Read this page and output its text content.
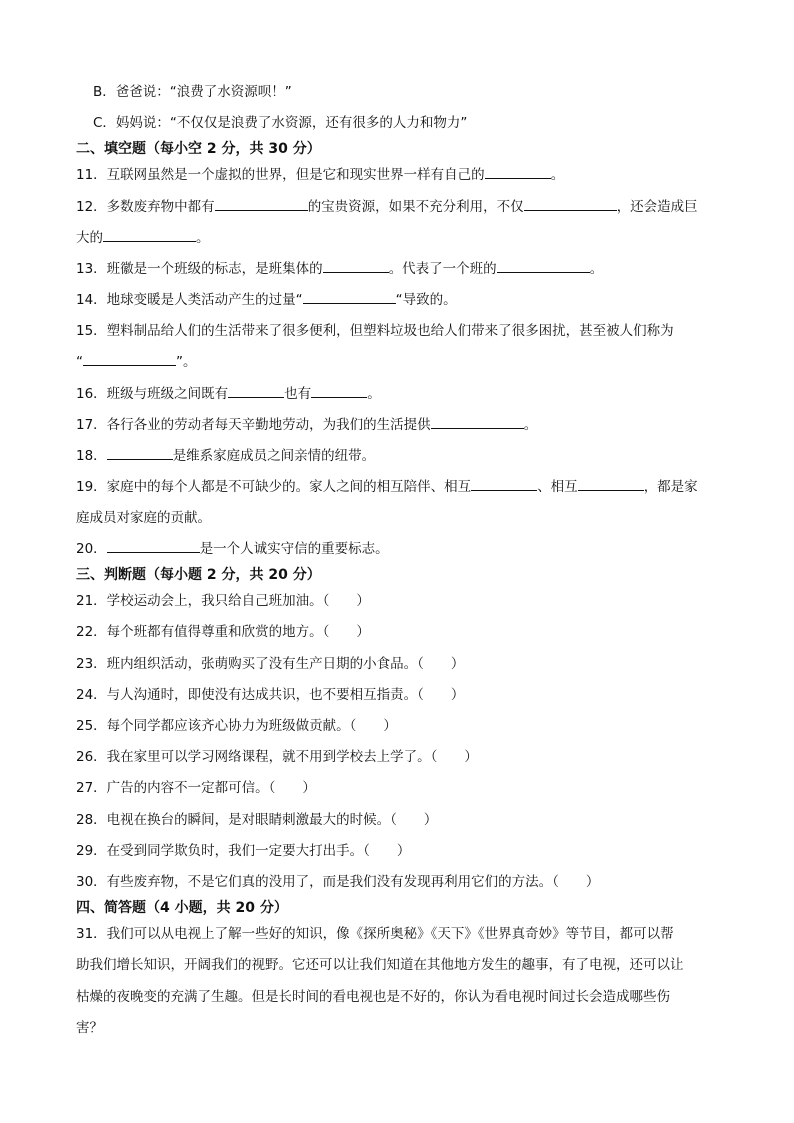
B．爸爸说：“浪费了水资源呗！”
C．妈妈说：“不仅仅是浪费了水资源，还有很多的人力和物力”
二、填空题（每小空 2 分，共 30 分）
11．互联网虽然是一个虚拟的世界，但是它和现实世界一样有自己的	。
12．多数废弃物中都有	的宝贵资源，如果不充分利用，不仅	，还会造成巨
大的	。
13．班徽是一个班级的标志，是班集体的	。代表了一个班的	。
14．地球变暖是人类活动产生的过量“	“导致的。
15．塑料制品给人们的生活带来了很多便利，但塑料垃圾也给人们带来了很多困扰，甚至被人们称为
“	”。
16．班级与班级之间既有	也有	。
17．各行各业的劳动者每天辛勤地劳动，为我们的生活提供	。
18．	是维系家庭成员之间亲情的纽带。
19．家庭中的每个人都是不可缺少的。家人之间的相互陪伴、相互	、相互	，都是家
庭成员对家庭的贡献。
20．	是一个人诚实守信的重要标志。
三、判断题（每小题 2 分，共 20 分）
21．学校运动会上，我只给自己班加油。（　　）
22．每个班都有值得尊重和欣赏的地方。（　　）
23．班内组织活动，张萌购买了没有生产日期的小食品。（　　）
24．与人沟通时，即使没有达成共识，也不要相互指责。（　　）
25．每个同学都应该齐心协力为班级做贡献。（　　）
26．我在家里可以学习网络课程，就不用到学校去上学了。（　　）
27．广告的内容不一定都可信。（　　）
28．电视在换台的瞬间，是对眼睛刺激最大的时候。（　　）
29．在受到同学欺负时，我们一定要大打出手。（　　）
30．有些废弃物，不是它们真的没用了，而是我们没有发现再利用它们的方法。（　　）
四、简答题（4 小题，共 20 分）
31．我们可以从电视上了解一些好的知识，像《探所奥秘》《天下》《世界真奇妙》等节目，都可以帮
助我们增长知识，开阔我们的视野。它还可以让我们知道在其他地方发生的趣事，有了电视，还可以让
枯燥的夜晚变的充满了生趣。但是长时间的看电视也是不好的，你认为看电视时间过长会造成哪些伤
害？
